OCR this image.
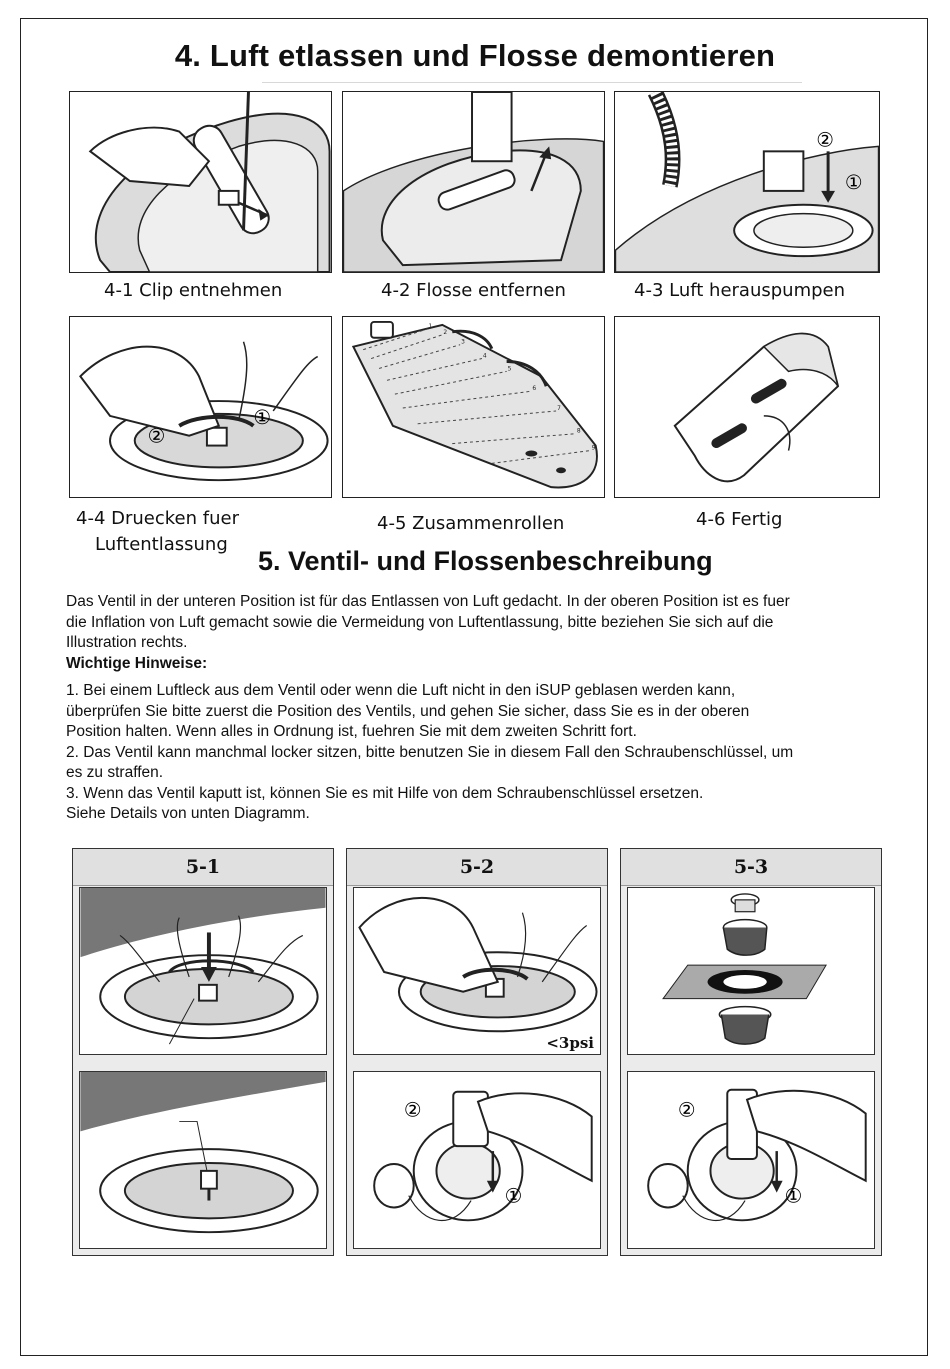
4. Luft etlassen und Flosse demontieren
②
①
4-1 Clip entnehmen	4-2 Flosse entfernen	4-3 Luft herauspumpen
①
②
1
2
3
4
5
6
7
8
9
4-4 Druecken fuer
Luftentlassung
4-5 Zusammenrollen	4-6 Fertig
5. Ventil- und Flossenbeschreibung
Das Ventil in der unteren Position ist für das Entlassen von Luft gedacht. In der oberen Position ist es fuer
die Inflation von Luft gemacht sowie die Vermeidung von Luftentlassung, bitte beziehen Sie sich auf die
Illustration rechts.
Wichtige Hinweise:
1. Bei einem Luftleck aus dem Ventil oder wenn die Luft nicht in den iSUP geblasen werden kann,
überprüfen Sie bitte zuerst die Position des Ventils, und gehen Sie sicher, dass Sie es in der oberen
Position halten. Wenn alles in Ordnung ist, fuehren Sie mit dem zweiten Schritt fort.
2. Das Ventil kann manchmal locker sitzen, bitte benutzen Sie in diesem Fall den Schraubenschlüssel, um
es zu straffen.
3. Wenn das Ventil kaputt ist, können Sie es mit Hilfe von dem Schraubenschlüssel ersetzen.
Siehe Details von unten Diagramm.
5-1	5-2
<3psi
②
①
5-3
②
①
